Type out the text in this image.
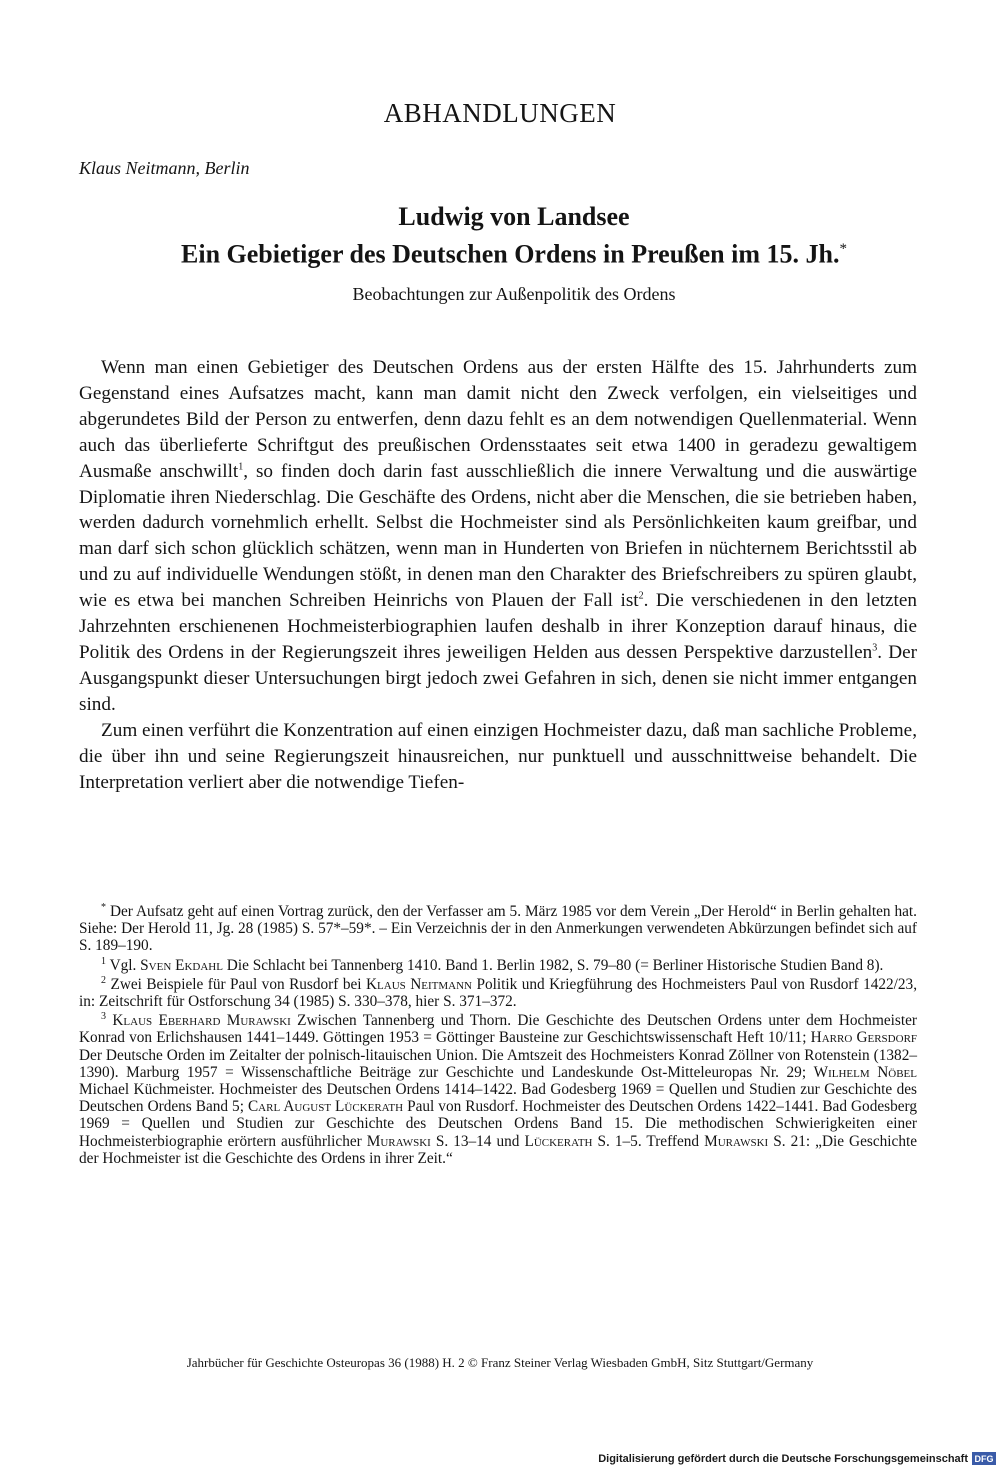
ABHANDLUNGEN

Klaus Neitmann, Berlin

Ludwig von Landsee

Ein Gebietiger des Deutschen Ordens in Preußen im 15. Jh.*

Beobachtungen zur Außenpolitik des Ordens

Wenn man einen Gebietiger des Deutschen Ordens aus der ersten Hälfte des 15. Jahrhunderts zum Gegenstand eines Aufsatzes macht, kann man damit nicht den Zweck verfolgen, ein vielseitiges und abgerundetes Bild der Person zu entwerfen, denn dazu fehlt es an dem notwendigen Quellenmaterial. Wenn auch das überlieferte Schriftgut des preußischen Ordensstaates seit etwa 1400 in geradezu gewaltigem Ausmaße anschwillt$^1$, so finden doch darin fast ausschließlich die innere Verwaltung und die auswärtige Diplomatie ihren Niederschlag. Die Geschäfte des Ordens, nicht aber die Menschen, die sie betrieben haben, werden dadurch vornehmlich erhellt. Selbst die Hochmeister sind als Persönlichkeiten kaum greifbar, und man darf sich schon glücklich schätzen, wenn man in Hunderten von Briefen in nüchternem Berichtsstil ab und zu auf individuelle Wendungen stößt, in denen man den Charakter des Briefschreibers zu spüren glaubt, wie es etwa bei manchen Schreiben Heinrichs von Plauen der Fall ist$^2$. Die verschiedenen in den letzten Jahrzehnten erschienenen Hochmeisterbiographien laufen deshalb in ihrer Konzeption darauf hinaus, die Politik des Ordens in der Regierungszeit ihres jeweiligen Helden aus dessen Perspektive darzustellen$^3$. Der Ausgangspunkt dieser Untersuchungen birgt jedoch zwei Gefahren in sich, denen sie nicht immer entgangen sind.

Zum einen verführt die Konzentration auf einen einzigen Hochmeister dazu, daß man sachliche Probleme, die über ihn und seine Regierungszeit hinausreichen, nur punktuell und ausschnittweise behandelt. Die Interpretation verliert aber die notwendige Tiefen-

* Der Aufsatz geht auf einen Vortrag zurück, den der Verfasser am 5. März 1985 vor dem Verein „Der Herold“ in Berlin gehalten hat. Siehe: Der Herold 11, Jg. 28 (1985) S. 57*–59*. – Ein Verzeichnis der in den Anmerkungen verwendeten Abkürzungen befindet sich auf S. 189–190.

$^1$ Vgl. Sven Ekdahl Die Schlacht bei Tannenberg 1410. Band 1. Berlin 1982, S. 79–80 (= Berliner Historische Studien Band 8).

$^2$ Zwei Beispiele für Paul von Rusdorf bei Klaus Neitmann Politik und Kriegführung des Hochmeisters Paul von Rusdorf 1422/23, in: Zeitschrift für Ostforschung 34 (1985) S. 330–378, hier S. 371–372.

$^3$ Klaus Eberhard Murawski Zwischen Tannenberg und Thorn. Die Geschichte des Deutschen Ordens unter dem Hochmeister Konrad von Erlichshausen 1441–1449. Göttingen 1953 = Göttinger Bausteine zur Geschichtswissenschaft Heft 10/11; Harro Gersdorf Der Deutsche Orden im Zeitalter der polnisch-litauischen Union. Die Amtszeit des Hochmeisters Konrad Zöllner von Rotenstein (1382–1390). Marburg 1957 = Wissenschaftliche Beiträge zur Geschichte und Landeskunde Ost-Mitteleuropas Nr. 29; Wilhelm Nöbel Michael Küchmeister. Hochmeister des Deutschen Ordens 1414–1422. Bad Godesberg 1969 = Quellen und Studien zur Geschichte des Deutschen Ordens Band 5; Carl August Lückerath Paul von Rusdorf. Hochmeister des Deutschen Ordens 1422–1441. Bad Godesberg 1969 = Quellen und Studien zur Geschichte des Deutschen Ordens Band 15. Die methodischen Schwierigkeiten einer Hochmeisterbiographie erörtern ausführlicher Murawski S. 13–14 und Lückerath S. 1–5. Treffend Murawski S. 21: „Die Geschichte der Hochmeister ist die Geschichte des Ordens in ihrer Zeit.“

Jahrbücher für Geschichte Osteuropas 36 (1988) H. 2 © Franz Steiner Verlag Wiesbaden GmbH, Sitz Stuttgart/Germany
Digitalisierung gefördert durch die Deutsche Forschungsgemeinschaft DFG
